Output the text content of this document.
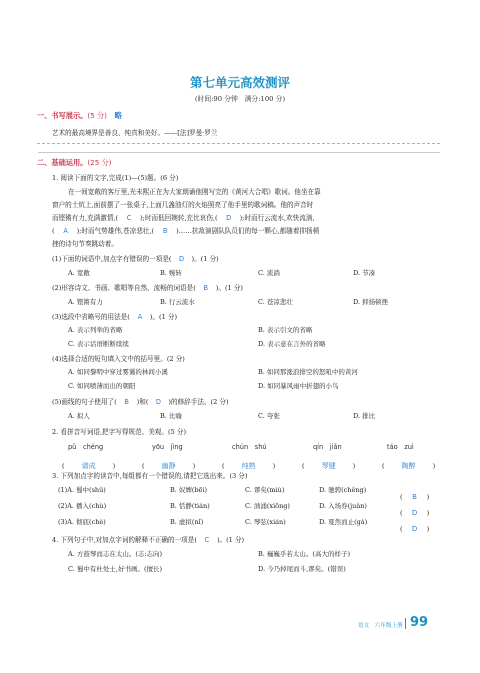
第七单元高效测评
(时间:90 分钟　满分:100 分)
一、书写展示。(5 分) 略
艺术的最高境界是善良、纯真和美好。——[法]罗曼·罗兰
二、基础运用。(25 分)
1. 阅读下面的文字,完成(1)—(5)题。(6 分)
在一间宽敞的客厅里,光未熙正在为大家朗诵他刚写完的《黄河大合唱》歌词。他坐在靠
窗户的土炕上,面前摆了一张桌子,上面几盏油灯的火焰照亮了他手里的歌词稿。他的声音时
而铿锵有力,充满激情,( C );时而低回婉转,充比哀伤,( D );时而行云流水,欢快流淌,
( A );时而气势雄伟,苍凉悲壮,( B )……抗敌演剧队队员们的每一颗心,都随着抑扬顿
挫的诗句节奏跳动着。
(1)下面的词语中,加点字有错误的一项是( D )。(1 分)
A. 宽敞	B. 婉转	C. 流淌	D. 节凑
(2)形容诗文、书画、歌唱等自然、流畅的词语是( B )。(1 分)
A. 铿锵有力	B. 行云流水	C. 苍凉悲壮	D. 抑扬顿挫
(3)选段中省略号的用法是( A )。(1 分)
A. 表示列举的省略	B. 表示引文的省略
C. 表示话语断断续续	D. 表示意在言外的省略
(4)选择合适的短句填入文中的括号里。(2 分)
A. 如同黎明中穿过雾霭的林间小溪	B. 如同那涨浪排空的怒吼中的黄河
C. 如同喷薄而出的朝阳	D. 如同暴风雨中折翅的小鸟
(5)画线的句子使用了( B )和( D )的修辞手法。(2 分)
A. 拟人	B. 比喻	C. 夸张	D. 排比
2. 看拼音写词语,把字写得规范、美观。(5 分)
pǔ　chéng	yōu　jìng	chún　shú	qín　jiǎn	táo　zuì
( 谱成	)	( 幽静	)	( 纯熟	)	( 琴键	)	( 陶醉	)
3. 下列加点字的读音中,每组都有一个错误的,请把它选出来。(3 分)
(1)A. 蜀中(shǔ)	B. 奴婢(bēi)	C. 谬矣(miù)	D. 驰骋(chěng)
( B )
(2)A. 播入(chù)	B. 恬静(tián)	C. 汹涌(xiōng)	D. 入场券(juàn)
( D )
(3)A. 彻底(chè)	B. 虚拟(nǐ)	C. 琴弦(xián)	D. 戛然而止(gá)
( D )
4. 下列句子中,对加点字词的解释不正确的一项是( C )。(1 分)
A. 方鼓琴而志在太山。(志:志向)	B. 巍巍乎若太山。(高大的样子)
C. 蜀中有杜处士,好书画。(擅长)	D. 今乃掉尾而斗,谬矣。(错误)
语文　六年级上册 99
